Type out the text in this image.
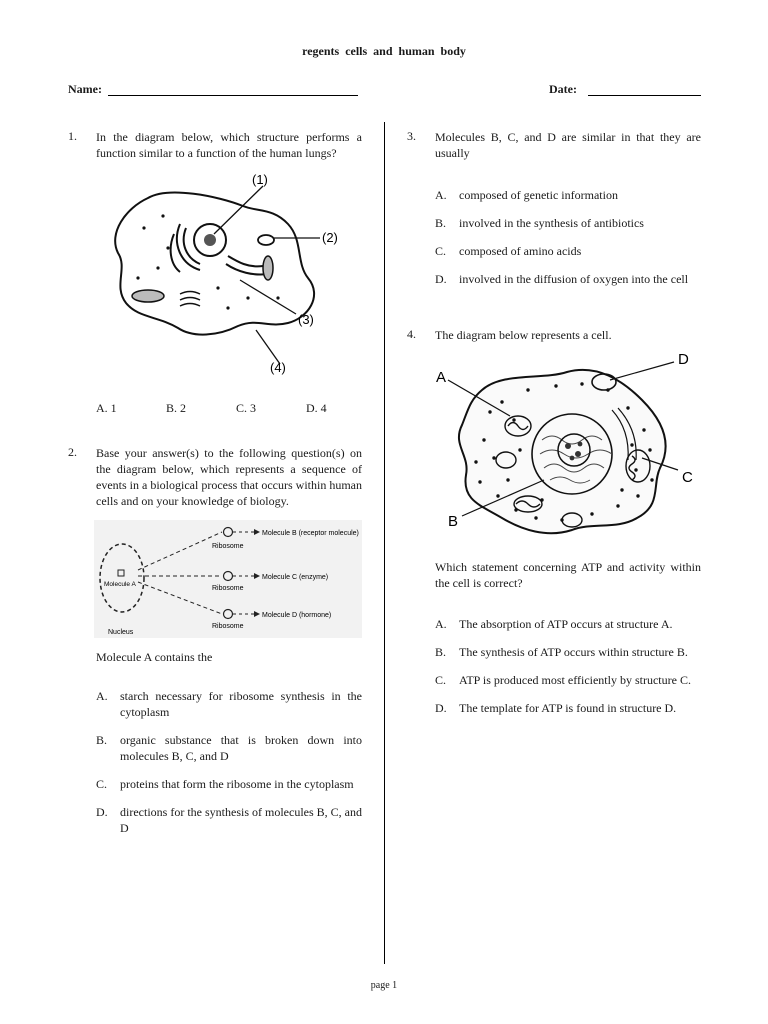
regents cells and human body
Name:	Date:
1. In the diagram below, which structure performs a function similar to a function of the human lungs?
(1)
(2)
(3)
(4)
A. 1	B. 2	C. 3	D. 4
2. Base your answer(s) to the following question(s) on the diagram below, which represents a sequence of events in a biological process that occurs within human cells and on your knowledge of biology.
Molecule B (receptor molecule)
Molecule C (enzyme)
Molecule D (hormone)
Ribosome
Ribosome
Ribosome
Molecule A
Nucleus
Molecule A contains the
A.	starch necessary for ribosome synthesis in the cytoplasm
B.	organic substance that is broken down into molecules B, C, and D
C.	proteins that form the ribosome in the cytoplasm
D.	directions for the synthesis of molecules B, C, and D
3. Molecules B, C, and D are similar in that they are usually
A.	composed of genetic information
B.	involved in the synthesis of antibiotics
C.	composed of amino acids
D.	involved in the diffusion of oxygen into the cell
4. The diagram below represents a cell.
A
D
C
B
Which statement concerning ATP and activity within the cell is correct?
A.	The absorption of ATP occurs at structure A.
B.	The synthesis of ATP occurs within structure B.
C.	ATP is produced most efficiently by structure C.
D.	The template for ATP is found in structure D.
page 1
